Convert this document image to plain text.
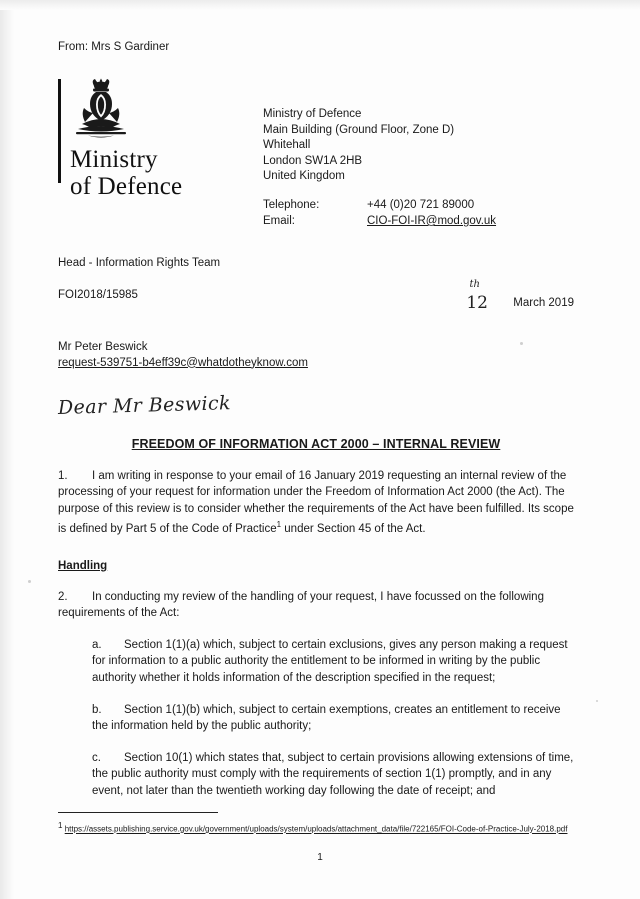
From: Mrs S Gardiner
Ministry
of Defence
Ministry of Defence
Main Building (Ground Floor, Zone D)
Whitehall
London SW1A 2HB
United Kingdom
Telephone:	+44 (0)20 721 89000
Email:	CIO-FOI-IR@mod.gov.uk
Head - Information Rights Team
FOI2018/15985
th
12 March 2019
Mr Peter Beswick
request-539751-b4eff39c@whatdotheyknow.com
Dear Mr Beswick
FREEDOM OF INFORMATION ACT 2000 – INTERNAL REVIEW

1. I am writing in response to your email of 16 January 2019 requesting an internal review of the processing of your request for information under the Freedom of Information Act 2000 (the Act). The purpose of this review is to consider whether the requirements of the Act have been fulfilled. Its scope is defined by Part 5 of the Code of Practice$^1$ under Section 45 of the Act.

Handling

2. In conducting my review of the handling of your request, I have focussed on the following requirements of the Act:

a. Section 1(1)(a) which, subject to certain exclusions, gives any person making a request for information to a public authority the entitlement to be informed in writing by the public authority whether it holds information of the description specified in the request;

b. Section 1(1)(b) which, subject to certain exemptions, creates an entitlement to receive the information held by the public authority;

c. Section 10(1) which states that, subject to certain provisions allowing extensions of time, the public authority must comply with the requirements of section 1(1) promptly, and in any event, not later than the twentieth working day following the date of receipt; and

$^1$ https://assets.publishing.service.gov.uk/government/uploads/system/uploads/attachment_data/file/722165/FOI-Code-of-Practice-July-2018.pdf
1
